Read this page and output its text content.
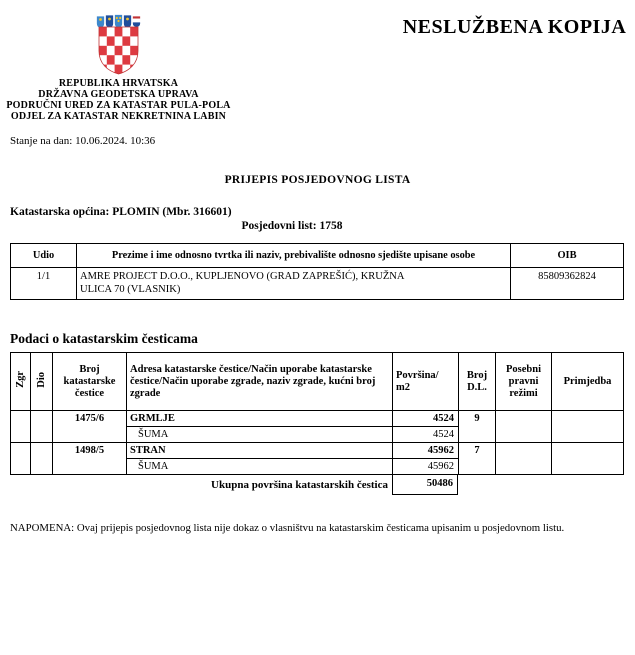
NESLUŽBENA KOPIJA
REPUBLIKA HRVATSKA
DRŽAVNA GEODETSKA UPRAVA
PODRUČNI URED ZA KATASTAR PULA-POLA
ODJEL ZA KATASTAR NEKRETNINA LABIN
Stanje na dan: 10.06.2024. 10:36
PRIJEPIS POSJEDOVNOG LISTA
Katastarska općina: PLOMIN (Mbr. 316601)
Posjedovni list: 1758
Udio	Prezime i ime odnosno tvrtka ili naziv, prebivalište odnosno sjedište upisane osobe	OIB
1/1	AMRE PROJECT D.O.O., KUPLJENOVO (GRAD ZAPREŠIĆ), KRUŽNA ULICA 70 (VLASNIK)	85809362824
Podaci o katastarskim česticama
Zgr	Dio	Broj katastarske čestice	Adresa katastarske čestice/Način uporabe katastarske čestice/Način uporabe zgrade, naziv zgrade, kućni broj zgrade	Površina/ m2	Broj D.L.	Posebni pravni režimi	Primjedba
		1475/6	GRMLJE	4524	9		
			ŠUMA	4524			
		1498/5	STRAN	45962	7		
			ŠUMA	45962			
Ukupna površina katastarskih čestica	50486
NAPOMENA: Ovaj prijepis posjedovnog lista nije dokaz o vlasništvu na katastarskim česticama upisanim u posjedovnom listu.
